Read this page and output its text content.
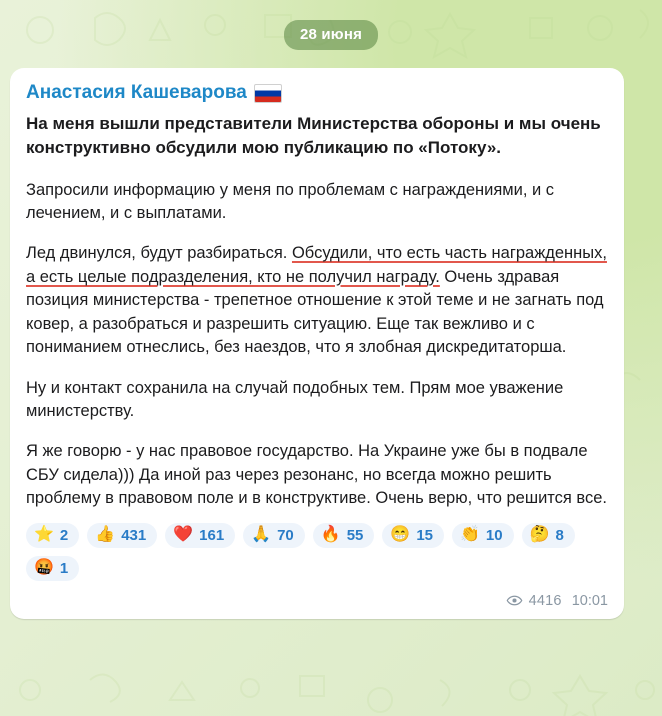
28 июня
Анастасия Кашеварова

На меня вышли представители Министерства обороны и мы очень конструктивно обсудили мою публикацию по «Потоку».

Запросили информацию у меня по проблемам с награждениями, и с лечением, и с выплатами.

Лед двинулся, будут разбираться. Обсудили, что есть часть награжденных, а есть целые подразделения, кто не получил награду. Очень здравая позиция министерства - трепетное отношение к этой теме и не загнать под ковер, а разобраться и разрешить ситуацию. Еще так вежливо и с пониманием отнеслись, без наездов, что я злобная дискредитаторша.

Ну и контакт сохранила на случай подобных тем. Прям мое уважение министерству.

Я же говорю - у нас правовое государство. На Украине уже бы в подвале СБУ сидела))) Да иной раз через резонанс, но всегда можно решить проблему в правовом поле и в конструктиве. Очень верю, что решится все.

⭐ 2 👍 431 ❤️ 161 🙏 70 🔥 55 😁 15 👏 10 🤔 8
🤬 1
4416 10:01
